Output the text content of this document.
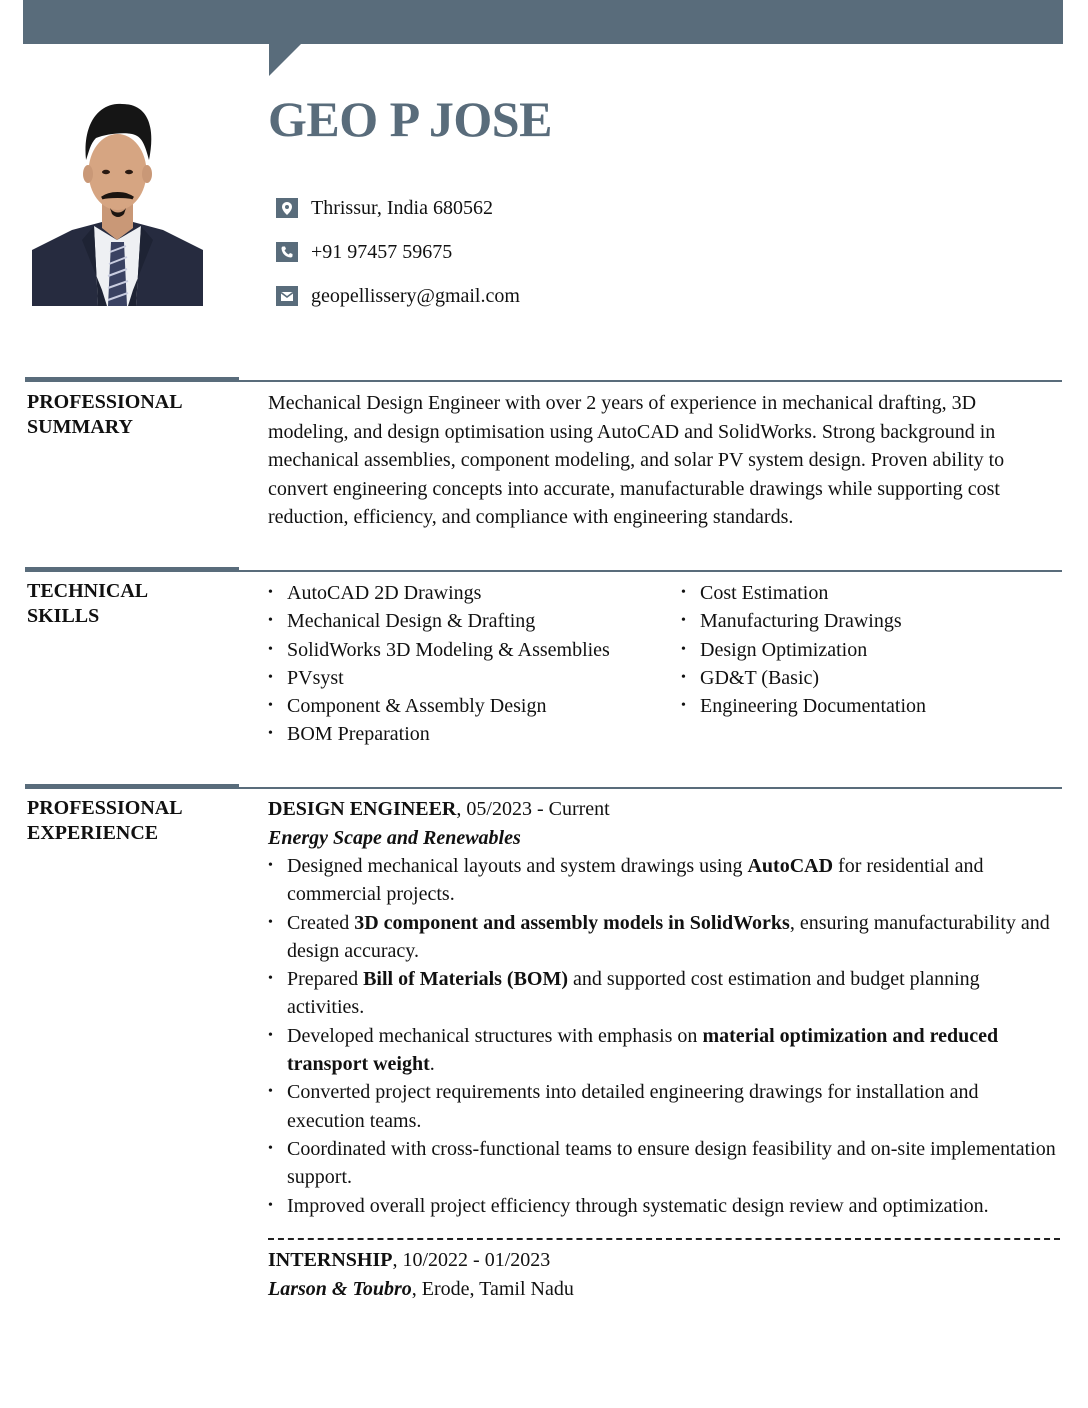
GEO P JOSE
Thrissur, India 680562
+91 97457 59675
geopellissery@gmail.com
PROFESSIONAL
SUMMARY
Mechanical Design Engineer with over 2 years of experience in mechanical drafting, 3D modeling, and design optimisation using AutoCAD and SolidWorks. Strong background in mechanical assemblies, component modeling, and solar PV system design. Proven ability to convert engineering concepts into accurate, manufacturable drawings while supporting cost reduction, efficiency, and compliance with engineering standards.
TECHNICAL
SKILLS
• AutoCAD 2D Drawings
• Mechanical Design & Drafting
• SolidWorks 3D Modeling & Assemblies
• PVsyst
• Component & Assembly Design
• BOM Preparation
• Cost Estimation
• Manufacturing Drawings
• Design Optimization
• GD&T (Basic)
• Engineering Documentation
PROFESSIONAL
EXPERIENCE
DESIGN ENGINEER, 05/2023 - Current
Energy Scape and Renewables
• Designed mechanical layouts and system drawings using AutoCAD for residential and commercial projects.
• Created 3D component and assembly models in SolidWorks, ensuring manufacturability and design accuracy.
• Prepared Bill of Materials (BOM) and supported cost estimation and budget planning activities.
• Developed mechanical structures with emphasis on material optimization and reduced transport weight.
• Converted project requirements into detailed engineering drawings for installation and execution teams.
• Coordinated with cross-functional teams to ensure design feasibility and on-site implementation support.
• Improved overall project efficiency through systematic design review and optimization.
INTERNSHIP, 10/2022 - 01/2023
Larson & Toubro, Erode, Tamil Nadu
